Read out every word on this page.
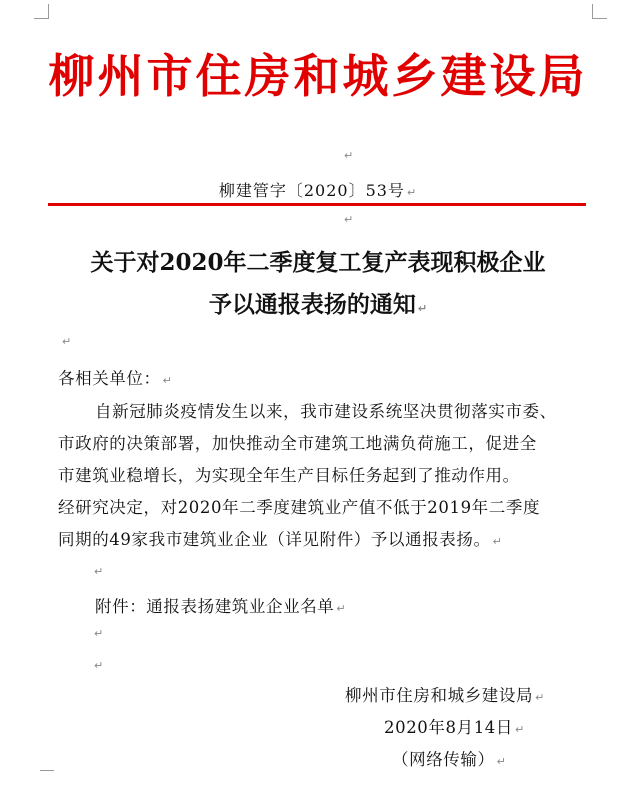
柳州市住房和城乡建设局
↵
柳建管字〔2020〕53号 ↵
↵
关于对2020年二季度复工复产表现积极企业
予以通报表扬的通知 ↵
↵
各相关单位： ↵
自新冠肺炎疫情发生以来，我市建设系统坚决贯彻落实市委、
市政府的决策部署，加快推动全市建筑工地满负荷施工，促进全
市建筑业稳增长，为实现全年生产目标任务起到了推动作用。
经研究决定，对2020年二季度建筑业产值不低于2019年二季度
同期的49家我市建筑业企业（详见附件）予以通报表扬。 ↵
↵
附件：通报表扬建筑业企业名单 ↵
↵
↵
柳州市住房和城乡建设局 ↵
2020年8月14日 ↵
（网络传输） ↵
